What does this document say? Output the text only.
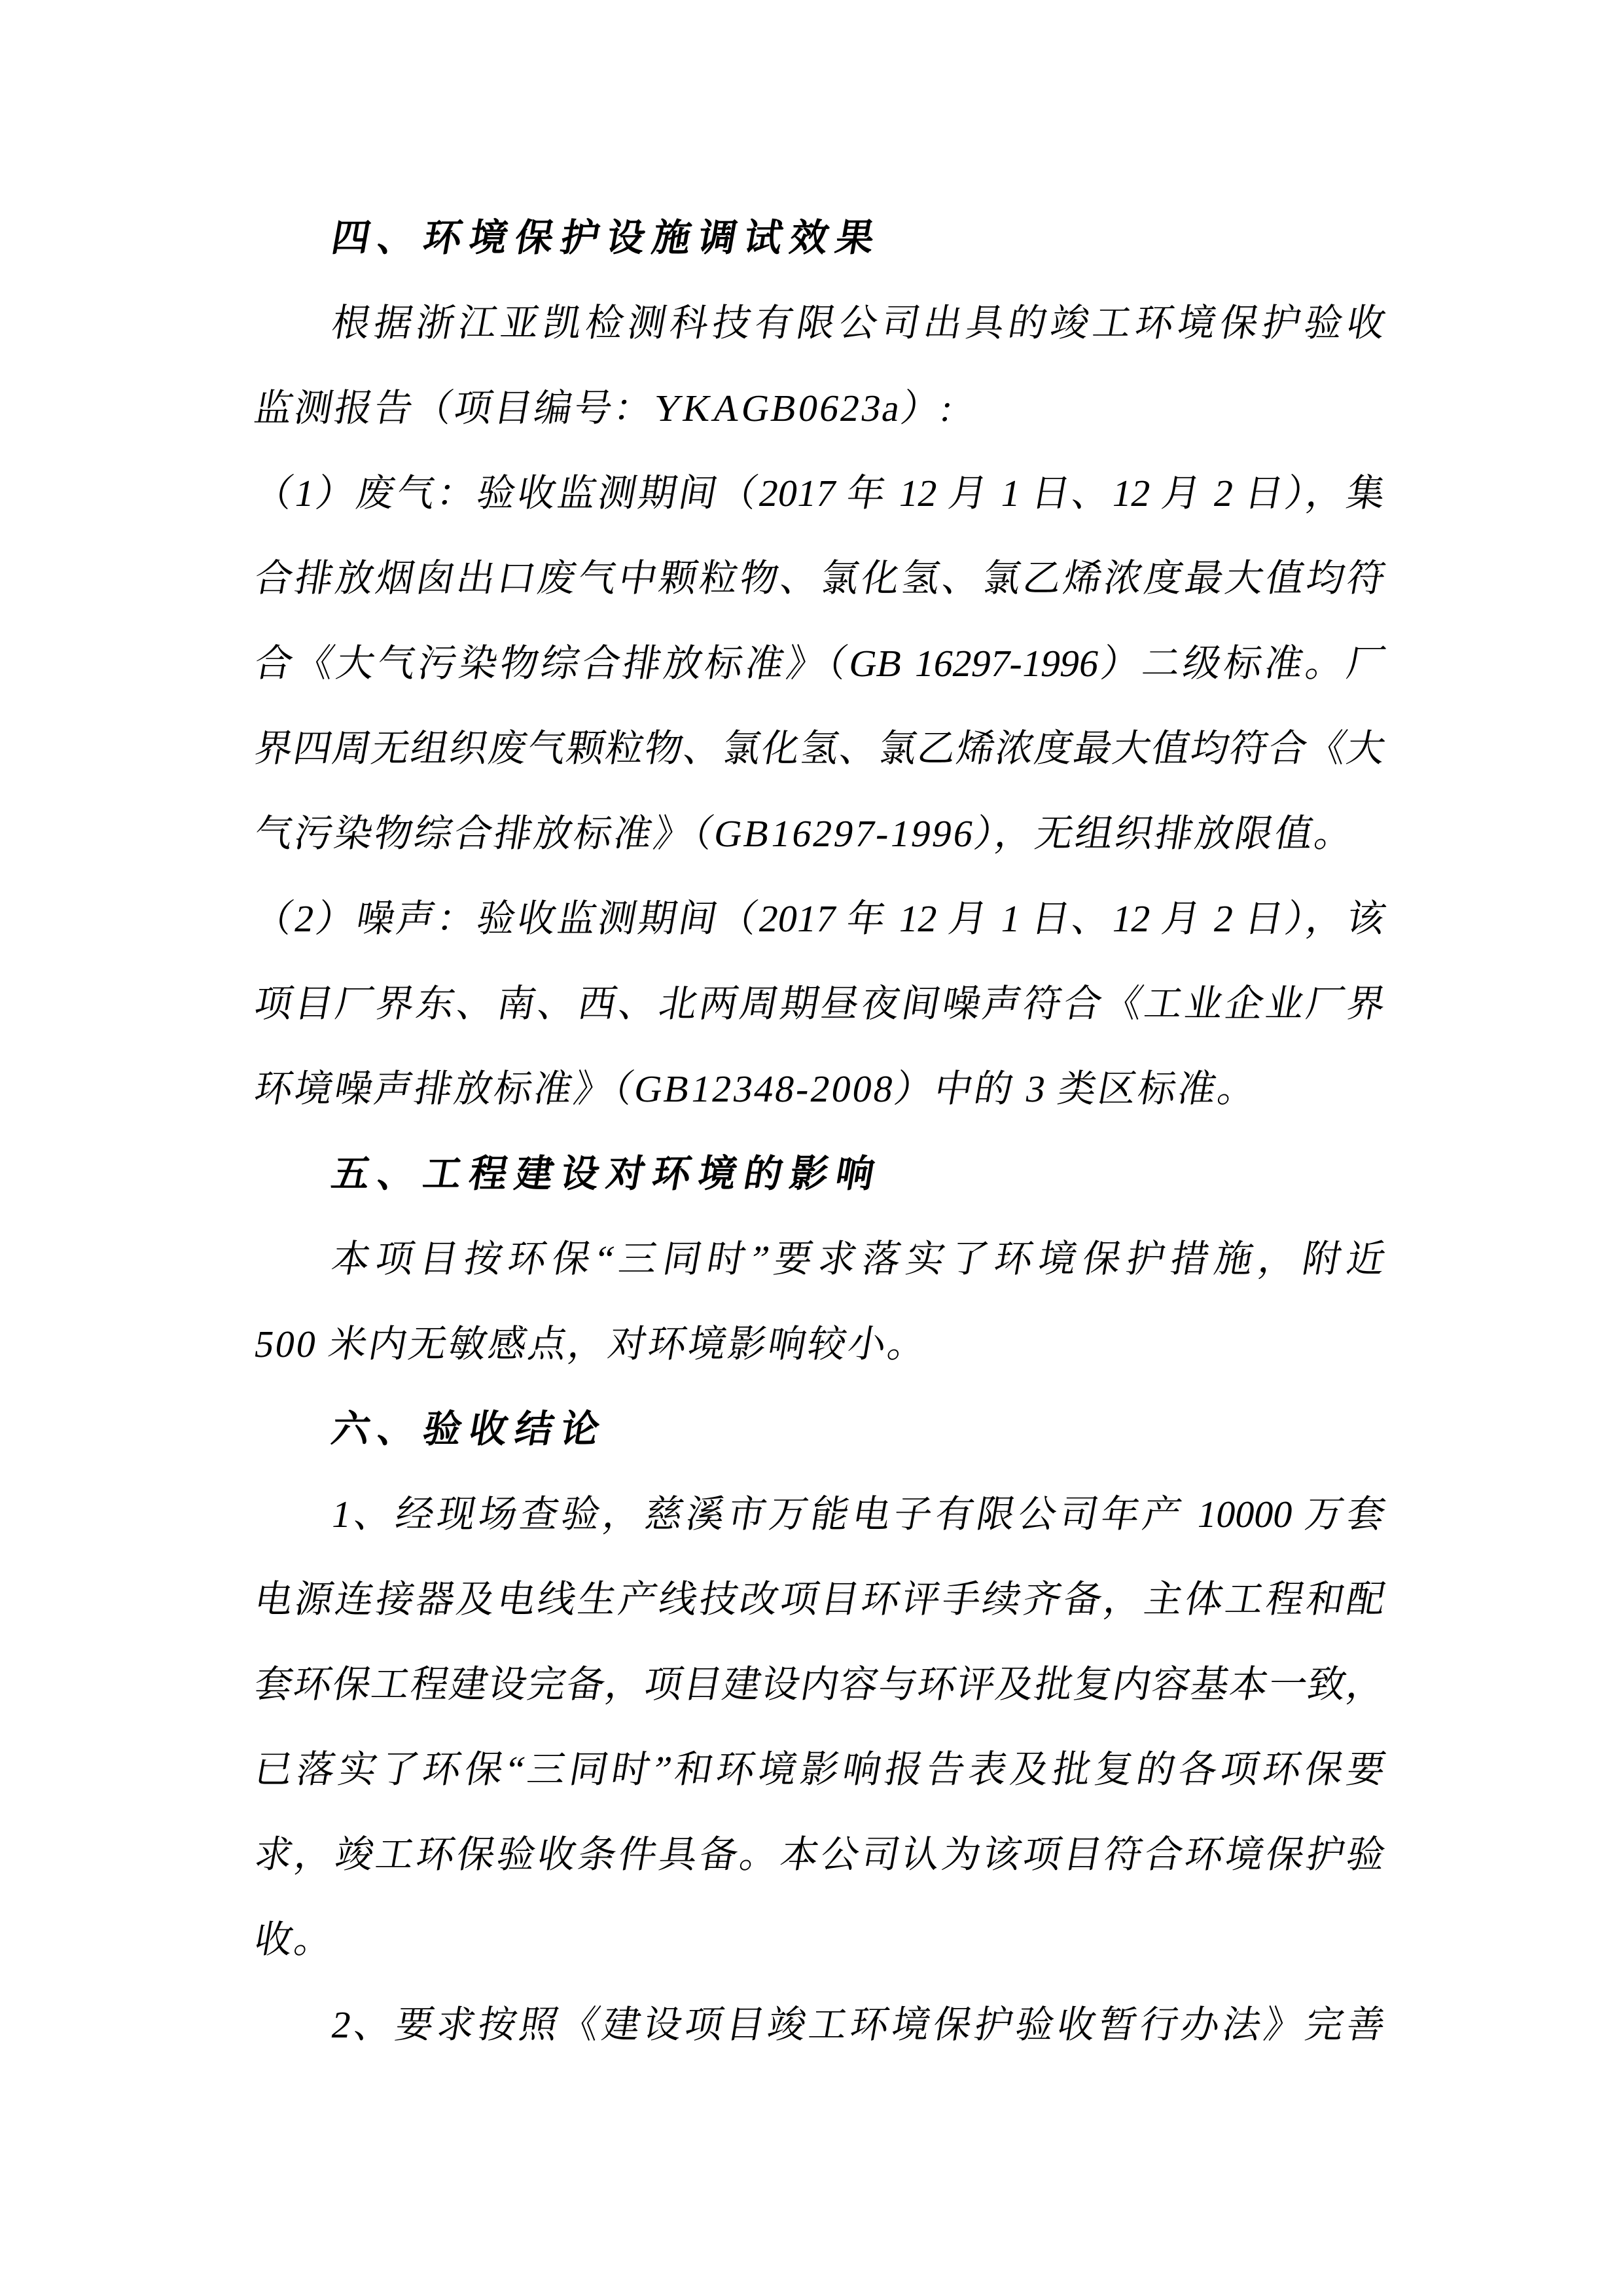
四、环境保护设施调试效果
根据浙江亚凯检测科技有限公司出具的竣工环境保护验收
监测报告（项目编号：YKAGB0623a）:
（1）废气：验收监测期间（2017 年 12 月 1 日、12 月 2 日），集
合排放烟囱出口废气中颗粒物、氯化氢、氯乙烯浓度最大值均符
合《大气污染物综合排放标准》（GB 16297-1996）二级标准。厂
界四周无组织废气颗粒物、氯化氢、氯乙烯浓度最大值均符合《大
气污染物综合排放标准》（GB16297-1996），无组织排放限值。
（2）噪声：验收监测期间（2017 年 12 月 1 日、12 月 2 日），该
项目厂界东、南、西、北两周期昼夜间噪声符合《工业企业厂界
环境噪声排放标准》（GB12348-2008）中的 3 类区标准。
五、工程建设对环境的影响
本项目按环保“三同时”要求落实了环境保护措施，附近
500 米内无敏感点，对环境影响较小。
六、验收结论
1、经现场查验，慈溪市万能电子有限公司年产 10000 万套
电源连接器及电线生产线技改项目环评手续齐备，主体工程和配
套环保工程建设完备，项目建设内容与环评及批复内容基本一致，
已落实了环保“三同时”和环境影响报告表及批复的各项环保要
求，竣工环保验收条件具备。本公司认为该项目符合环境保护验
收。
2、要求按照《建设项目竣工环境保护验收暂行办法》完善
